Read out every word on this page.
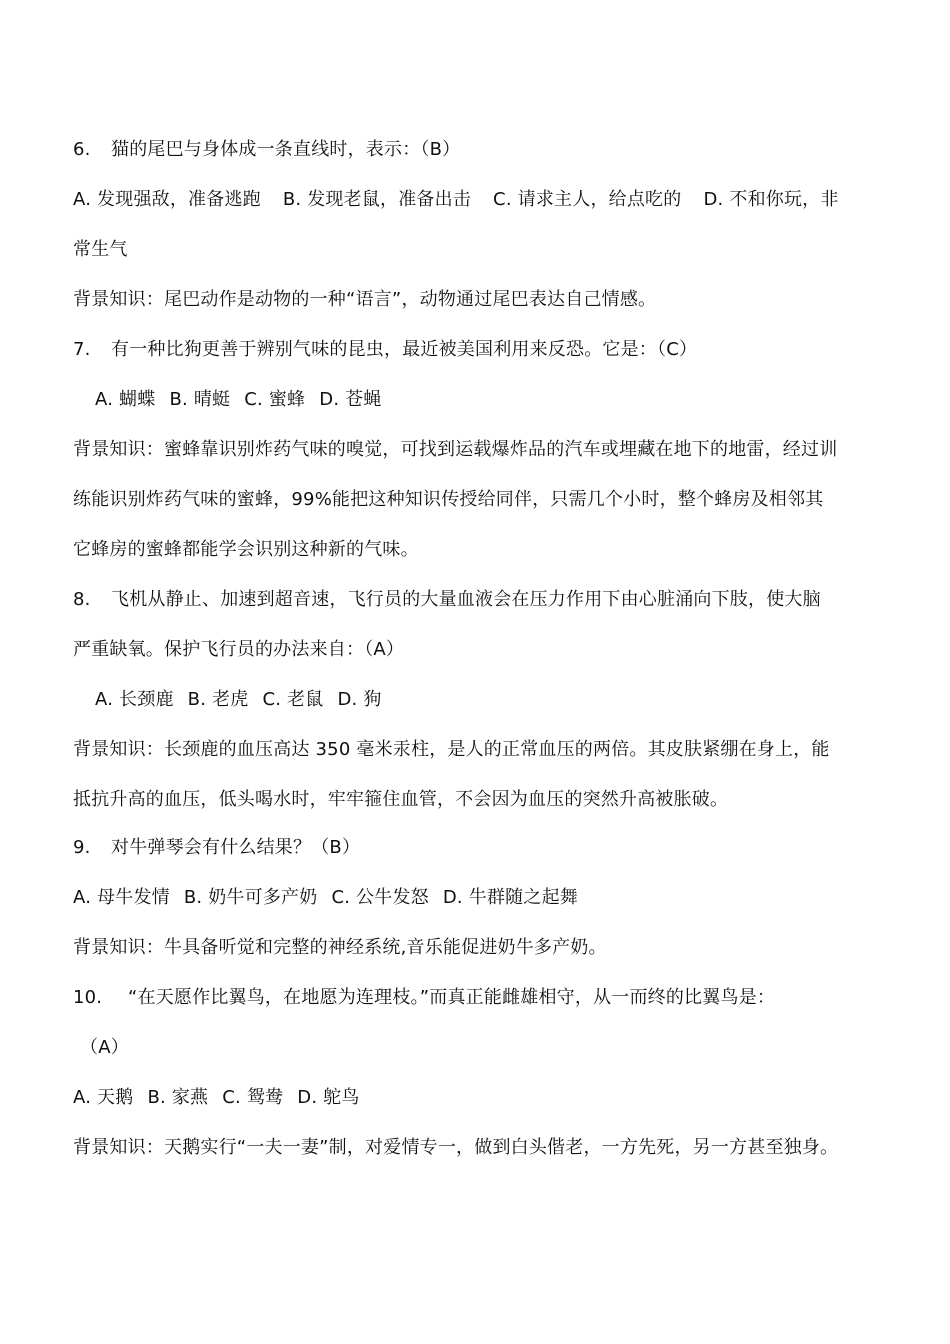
6. 猫的尾巴与身体成一条直线时，表示：（B）
A. 发现强敌，准备逃跑 B. 发现老鼠，准备出击 C. 请求主人，给点吃的 D. 不和你玩，非
常生气
背景知识：尾巴动作是动物的一种“语言”，动物通过尾巴表达自己情感。
7. 有一种比狗更善于辨别气味的昆虫，最近被美国利用来反恐。它是：（C）
A. 蝴蝶 B. 晴蜓 C. 蜜蜂 D. 苍蝇
背景知识：蜜蜂靠识别炸药气味的嗅觉，可找到运载爆炸品的汽车或埋藏在地下的地雷，经过训
练能识别炸药气味的蜜蜂，99%能把这种知识传授给同伴，只需几个小时，整个蜂房及相邻其
它蜂房的蜜蜂都能学会识别这种新的气味。
8. 飞机从静止、加速到超音速，飞行员的大量血液会在压力作用下由心脏涌向下肢，使大脑
严重缺氧。保护飞行员的办法来自：（A）
A. 长颈鹿 B. 老虎 C. 老鼠 D. 狗
背景知识：长颈鹿的血压高达 350 毫米汞柱，是人的正常血压的两倍。其皮肤紧绷在身上，能
抵抗升高的血压，低头喝水时，牢牢箍住血管，不会因为血压的突然升高被胀破。
9. 对牛弹琴会有什么结果？（B）
A. 母牛发情 B. 奶牛可多产奶 C. 公牛发怒 D. 牛群随之起舞
背景知识：牛具备听觉和完整的神经系统,音乐能促进奶牛多产奶。
10. “在天愿作比翼鸟，在地愿为连理枝。”而真正能雌雄相守，从一而终的比翼鸟是：
（A）
A. 天鹅 B. 家燕 C. 鸳鸯 D. 鸵鸟
背景知识：天鹅实行“一夫一妻”制，对爱情专一，做到白头偕老，一方先死，另一方甚至独身。
